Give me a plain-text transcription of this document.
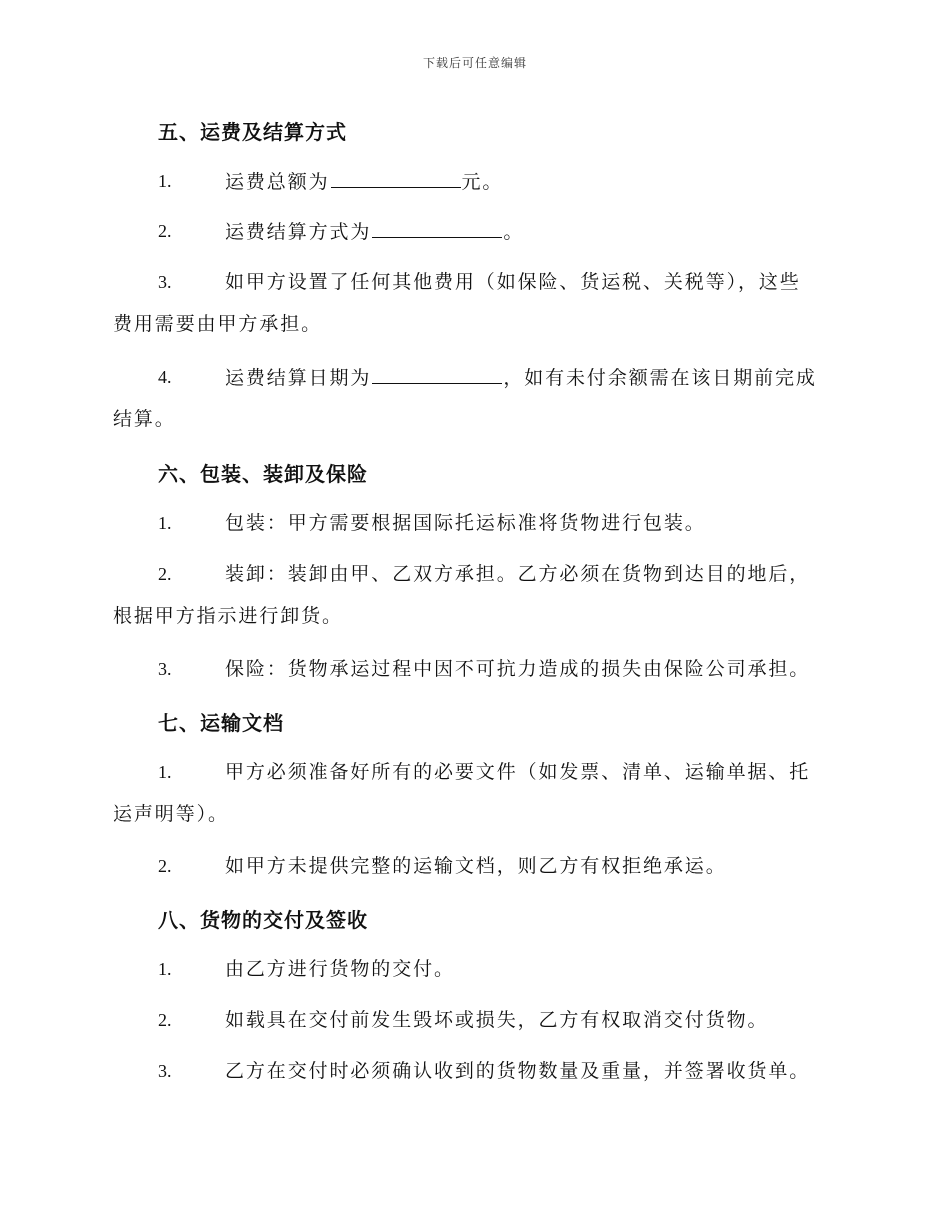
下载后可任意编辑
五、运费及结算方式
1.	运费总额为	元。
2.	运费结算方式为	。
3.	如甲方设置了任何其他费用（如保险、货运税、关税等），这些
费用需要由甲方承担。
4.	运费结算日期为	，如有未付余额需在该日期前完成
结算。
六、包装、装卸及保险
1.	包装：甲方需要根据国际托运标准将货物进行包装。
2.	装卸：装卸由甲、乙双方承担。乙方必须在货物到达目的地后，
根据甲方指示进行卸货。
3.	保险：货物承运过程中因不可抗力造成的损失由保险公司承担。
七、运输文档
1.	甲方必须准备好所有的必要文件（如发票、清单、运输单据、托
运声明等）。
2.	如甲方未提供完整的运输文档，则乙方有权拒绝承运。
八、货物的交付及签收
1.	由乙方进行货物的交付。
2.	如载具在交付前发生毁坏或损失，乙方有权取消交付货物。
3.	乙方在交付时必须确认收到的货物数量及重量，并签署收货单。
